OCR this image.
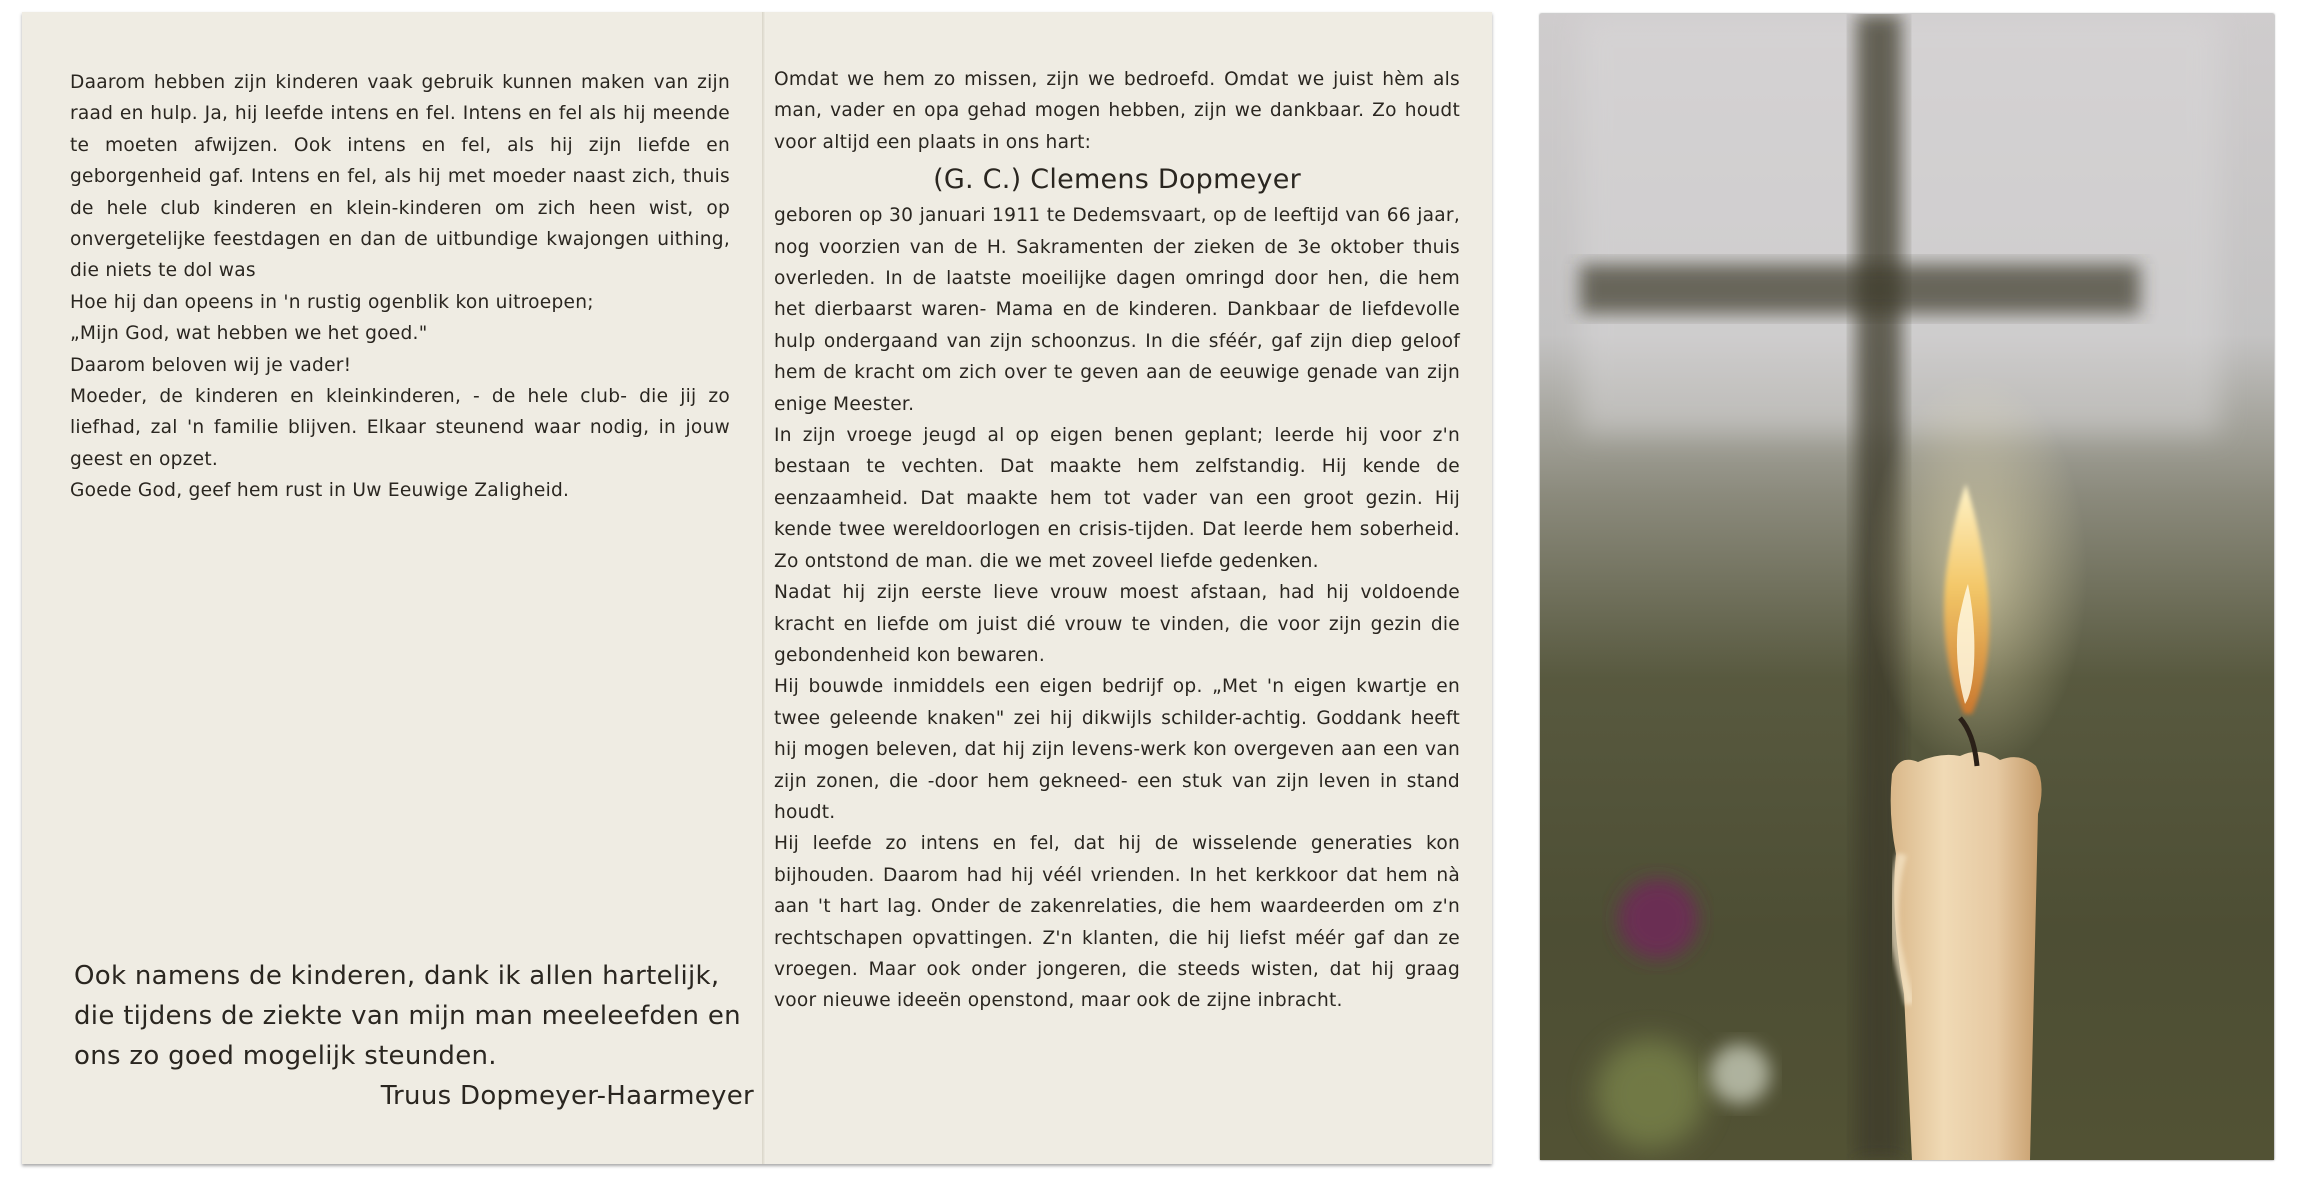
Daarom hebben zijn kinderen vaak gebruik kunnen maken van zijn raad en hulp. Ja, hij leefde intens en fel. Intens en fel als hij meende te moeten afwijzen. Ook intens en fel, als hij zijn liefde en geborgenheid gaf. Intens en fel, als hij met moeder naast zich, thuis de hele club kinderen en klein-kinderen om zich heen wist, op onvergetelijke feestdagen en dan de uitbundige kwajongen uithing, die niets te dol was

Hoe hij dan opeens in 'n rustig ogenblik kon uitroepen;

„Mijn God, wat hebben we het goed."

Daarom beloven wij je vader!

Moeder, de kinderen en kleinkinderen, - de hele club- die jij zo liefhad, zal 'n familie blijven. Elkaar steunend waar nodig, in jouw geest en opzet.

Goede God, geef hem rust in Uw Eeuwige Zaligheid.

Ook namens de kinderen, dank ik allen hartelijk, die tijdens de ziekte van mijn man meeleefden en ons zo goed mogelijk steunden.

Truus Dopmeyer-Haarmeyer

Omdat we hem zo missen, zijn we bedroefd. Omdat we juist hèm als man, vader en opa gehad mogen hebben, zijn we dankbaar. Zo houdt voor altijd een plaats in ons hart:

(G. C.) Clemens Dopmeyer

geboren op 30 januari 1911 te Dedemsvaart, op de leeftijd van 66 jaar, nog voorzien van de H. Sakramenten der zieken de 3e oktober thuis overleden. In de laatste moeilijke dagen omringd door hen, die hem het dierbaarst waren- Mama en de kinderen. Dankbaar de liefdevolle hulp ondergaand van zijn schoonzus. In die sféér, gaf zijn diep geloof hem de kracht om zich over te geven aan de eeuwige genade van zijn enige Meester.

In zijn vroege jeugd al op eigen benen geplant; leerde hij voor z'n bestaan te vechten. Dat maakte hem zelfstandig. Hij kende de eenzaamheid. Dat maakte hem tot vader van een groot gezin. Hij kende twee wereldoorlogen en crisis-tijden. Dat leerde hem soberheid. Zo ontstond de man. die we met zoveel liefde gedenken.

Nadat hij zijn eerste lieve vrouw moest afstaan, had hij voldoende kracht en liefde om juist dié vrouw te vinden, die voor zijn gezin die gebondenheid kon bewaren.

Hij bouwde inmiddels een eigen bedrijf op. „Met 'n eigen kwartje en twee geleende knaken" zei hij dikwijls schilder-achtig. Goddank heeft hij mogen beleven, dat hij zijn levens-werk kon overgeven aan een van zijn zonen, die -door hem gekneed- een stuk van zijn leven in stand houdt.

Hij leefde zo intens en fel, dat hij de wisselende generaties kon bijhouden. Daarom had hij véél vrienden. In het kerkkoor dat hem nà aan 't hart lag. Onder de zakenrelaties, die hem waardeerden om z'n rechtschapen opvattingen. Z'n klanten, die hij liefst méér gaf dan ze vroegen. Maar ook onder jongeren, die steeds wisten, dat hij graag voor nieuwe ideeën openstond, maar ook de zijne inbracht.
